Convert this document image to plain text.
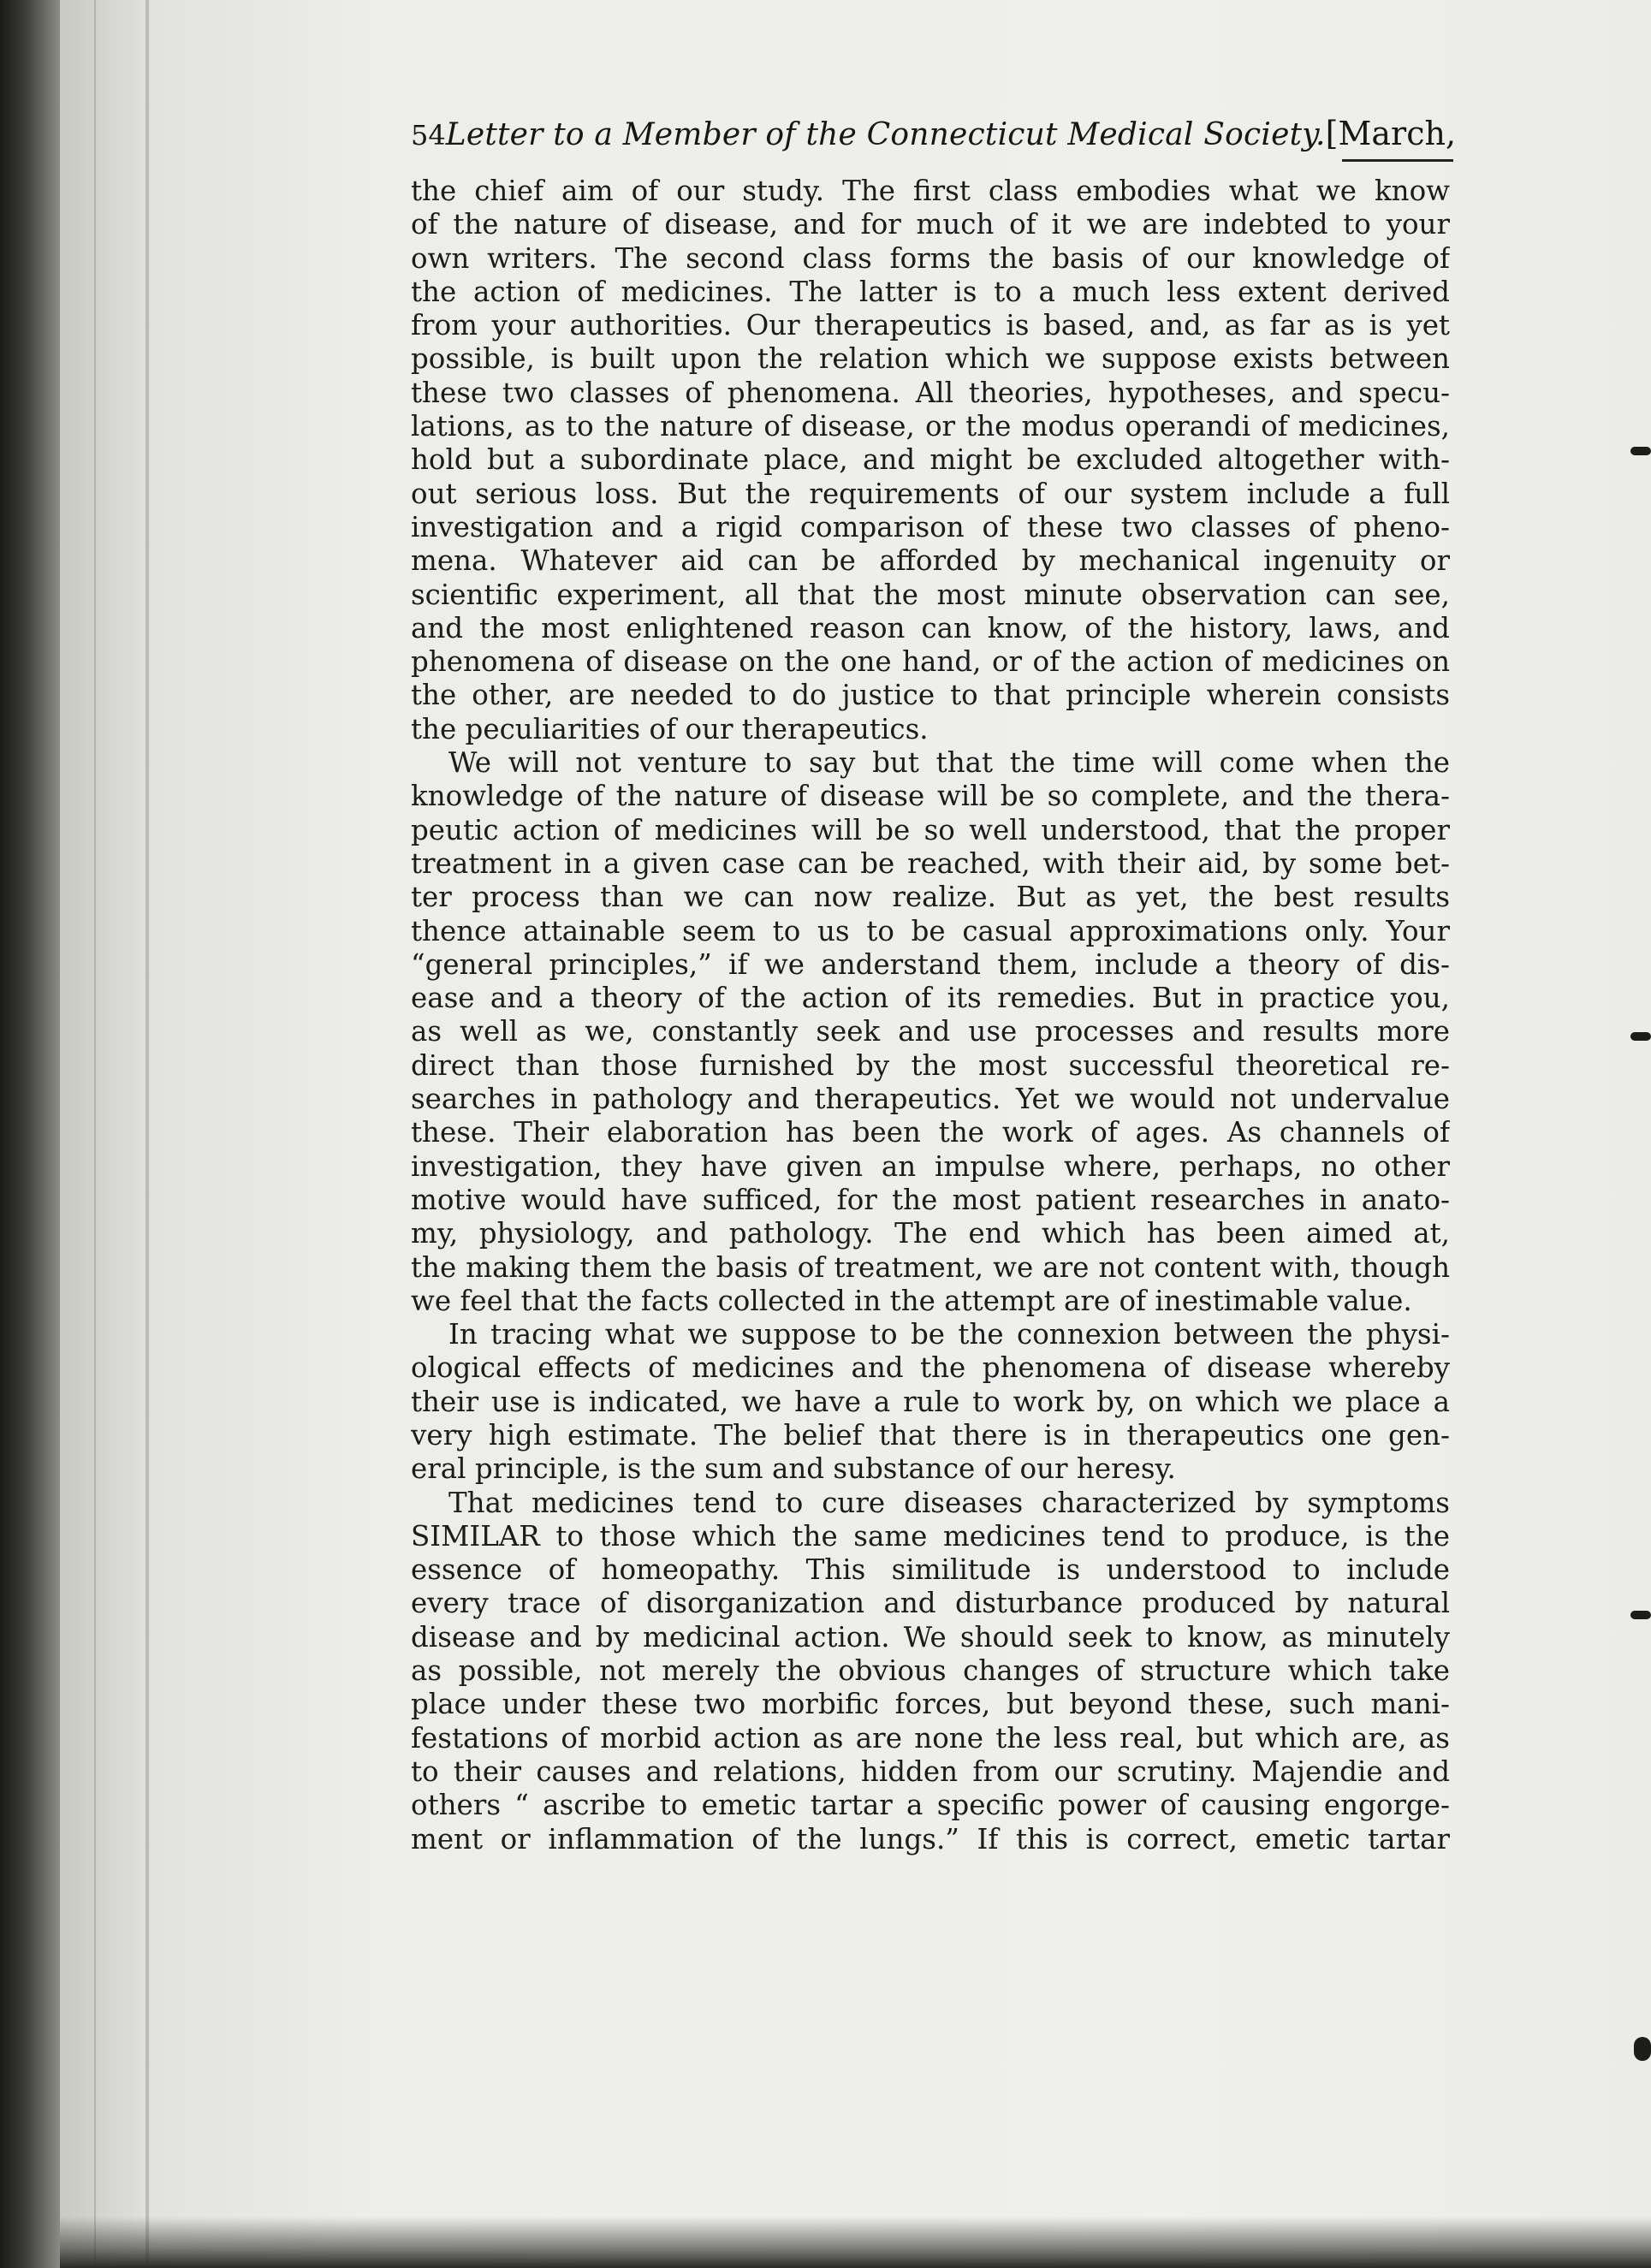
54 Letter to a Member of the Connecticut Medical Society. [March,
the chief aim of our study. The first class embodies what we know
of the nature of disease, and for much of it we are indebted to your
own writers. The second class forms the basis of our knowledge of
the action of medicines. The latter is to a much less extent derived
from your authorities. Our therapeutics is based, and, as far as is yet
possible, is built upon the relation which we suppose exists between
these two classes of phenomena. All theories, hypotheses, and specu-
lations, as to the nature of disease, or the modus operandi of medicines,
hold but a subordinate place, and might be excluded altogether with-
out serious loss. But the requirements of our system include a full
investigation and a rigid comparison of these two classes of pheno-
mena. Whatever aid can be afforded by mechanical ingenuity or
scientific experiment, all that the most minute observation can see,
and the most enlightened reason can know, of the history, laws, and
phenomena of disease on the one hand, or of the action of medicines on
the other, are needed to do justice to that principle wherein consists
the peculiarities of our therapeutics.
We will not venture to say but that the time will come when the
knowledge of the nature of disease will be so complete, and the thera-
peutic action of medicines will be so well understood, that the proper
treatment in a given case can be reached, with their aid, by some bet-
ter process than we can now realize. But as yet, the best results
thence attainable seem to us to be casual approximations only. Your
“general principles,” if we anderstand them, include a theory of dis-
ease and a theory of the action of its remedies. But in practice you,
as well as we, constantly seek and use processes and results more
direct than those furnished by the most successful theoretical re-
searches in pathology and therapeutics. Yet we would not undervalue
these. Their elaboration has been the work of ages. As channels of
investigation, they have given an impulse where, perhaps, no other
motive would have sufficed, for the most patient researches in anato-
my, physiology, and pathology. The end which has been aimed at,
the making them the basis of treatment, we are not content with, though
we feel that the facts collected in the attempt are of inestimable value.
In tracing what we suppose to be the connexion between the physi-
ological effects of medicines and the phenomena of disease whereby
their use is indicated, we have a rule to work by, on which we place a
very high estimate. The belief that there is in therapeutics one gen-
eral principle, is the sum and substance of our heresy.
That medicines tend to cure diseases characterized by symptoms
SIMILAR to those which the same medicines tend to produce, is the
essence of homeopathy. This similitude is understood to include
every trace of disorganization and disturbance produced by natural
disease and by medicinal action. We should seek to know, as minutely
as possible, not merely the obvious changes of structure which take
place under these two morbific forces, but beyond these, such mani-
festations of morbid action as are none the less real, but which are, as
to their causes and relations, hidden from our scrutiny. Majendie and
others “ ascribe to emetic tartar a specific power of causing engorge-
ment or inflammation of the lungs.” If this is correct, emetic tartar
